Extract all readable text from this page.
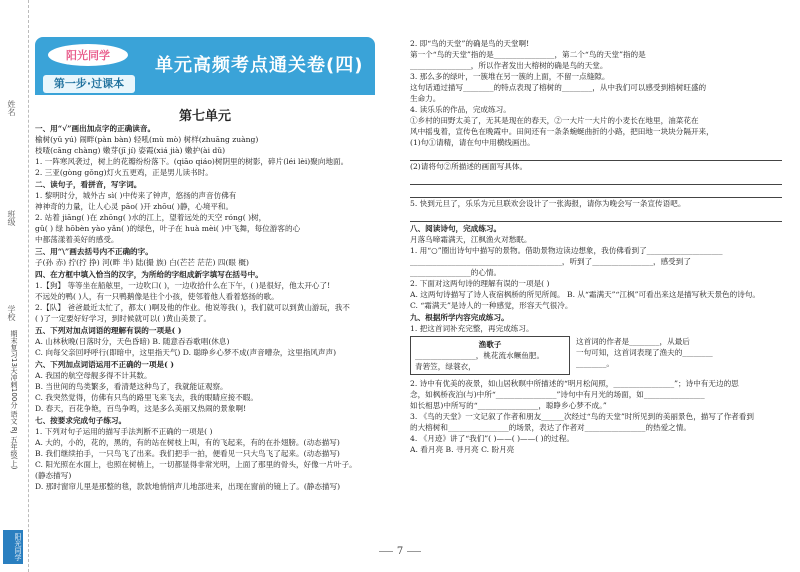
姓名
班级
学校
期末复习13天冲刺100分 语文 RJ 五年级(上)
阳光同学
阳光同学
第一步·过课本
单元高频考点通关卷(四)
第七单元
一、用“√”画出加点字的正确读音。
榆树(yǔ yú) 闹畔(pàn bàn) 轻吼(mù mò) 树样(zhuāng zuàng)
枝喳(cāng chàng) 嫩芽(jī jí) 姿霞(xiá jià) 嫩护(ài dǔ)
1. 一阵寒风袭过，树上的花瓣纷纷落下。(qiāo qiáo)树阴里的树影，碎片(léi lèi)聚向地面。
2. 三亚(gòng gǒng)灯火五更鸡，正是男儿读书时。
二、读句子，看拼音，写字词。
1. 黎明时分，城外古 sì( )中传来了钟声，悠扬的声音仿佛有
神神奇的力量，让人心灵 pāo( )开 zhōu( )静，心境平和。
2. 站着 jiāng( )在 zhōng( )水的江上，望着远处的天空 róng( )树，
gǔ( ) 绿 hōbèn yào yǎn( )的绿色，叶子在 huà mèi( )中飞舞，每位游客的心
中都荡漾着美好的感受。
三、用“\”画去括号内不正确的字。
子(孙 赤) 拧(拧 挣) 河(畔 半) 陆(撮 族) 白(芒芒 茫茫) 四(眼 概)
四、在方框中填入恰当的汉字，为所给的字组成新字填写在括号中。
1.【狗】 等等坐在船舷里，一边吹口( )，一边收拾什么在下午，( )是很好，他太开心了!
不远处的鸭( )人，有一只鸭鹅像是往个小孩，使邻着他人看着悠扬的歌。
2.【队】 爸爸最近太忙了，都太( )啊及他的作业。他说等我( )，我们就可以到黄山游玩，我不
( )了一定要好好学习，到时候就可以( )黄山美景了。
五、下列对加点词语的理解有误的一项是( )
A. 山林秋晚(日落时分，天色昏暗) B. 随意吞吞歌唱(休息)
C. 向每父亲回呼呼行(即暗中，这里指天气) D. 聪睁乡心梦不成(声音嘈杂，这里指风声声)
六、下列加点词语运用不正确的一项是( )
A. 我国的航空母舰多得不计其数。
B. 当世间的鸟类繁多，看清楚这种鸟了，我就能证观察。
C. 我突然觉得，仿佛有只鸟的路里飞来飞去，我的眼睛应接不暇。
D. 春天，百花争艳，百鸟争鸣，这是多么美丽又热闹的景象啊!
七、按要求完成句子练习。
1. 下列对句子运用的描写手法判断不正确的一项是( )
A. 大的，小的，花的，黑的，有的站在树枝上叫，有的飞起来，有的在扑翅膀。(动态描写)
B. 我们继续拍手，一只鸟飞了出来。我们把手一拍，便看见一只大鸟飞了起来。(动态描写)
C. 阳光照在水面上，也照在树梢上，一切都显得非常光明，上面了那里的骨头，好像一片叶子。
(静态描写)
D. 那时窗帘儿里是那整的毯，款款地悄悄声儿地部进来，出现在窗前的镜上了。(静态描写)
2. 即“鸟的天堂”的确是鸟的天堂啊!
第一个“鸟的天堂”指的是________________，第二个“鸟的天堂”指的是
________________，所以作者发出大榕树的确是鸟的天堂。
3. 那么多的绿叶，一簇堆在另一簇的上面，不留一点缝隙。
这句话通过描写________的特点表现了榕树的________，从中我们可以感受到榕树旺盛的
生命力。
4. 读乐乐的作品，完成练习。
①乡村的田野太美了，无其是现在的春天，②一大片一大片的小麦长在地里，油菜花在
风中摇曳着，宣传色在晚霞中。田间还有一条条蜿蜒曲折的小路，把田地一块块分隔开来，
(1)句①请精，请在句中用横线画出。
(2)请将句②所描述的画面写具体。
5. 快到元旦了，乐乐为元旦联欢会设计了一张海报，请你为晚会写一条宣传语吧。
八、阅读诗句，完成练习。
月落乌啼霜满天，江枫渔火对愁眠。
1. 用“○”圈出诗句中描写的景物。借助景物边读边想象，我仿佛看到了____________________
________________________________________，听到了________________，感受到了
________________的心情。
2. 下面对这两句诗的理解有误的一项是( )
A. 这两句诗描写了诗人夜宿枫桥的所见所闻。 B. 从“霜满天”“江枫”可看出来这是描写秋天景色的诗句。
C. “霜满天”是诗人的一种感觉，形容天气很冷。
九、根据所学内容完成练习。
1. 把这首词补充完整，再完成练习。
渔歌子
________________，桃花流水鳜鱼肥。
青箬笠，绿蓑衣，
这首词的作者是________，从最后
一句可知，这首词表现了渔夫的________
________。
2. 诗中有优美的夜景，如山居秋暝中所描述的“明月松间照，________________”；诗中有无边的思
念，如枫桥夜泊(与)中所“________________”诗句中有月光的场面，如________________
如长相思)中所写的“________________，聪睁乡心梦不成。”
3. 《鸟的天堂》一文记叙了作者和朋友______次经过“鸟的天堂”时所见到的美丽景色，描写了作者看到
的大榕树和________________的场景，表达了作者对________________的热爱之情。
4. 《月迹》讲了“我们”( )——( )——( )的过程。
A. 看月亮 B. 寻月亮 C. 盼月亮
7
